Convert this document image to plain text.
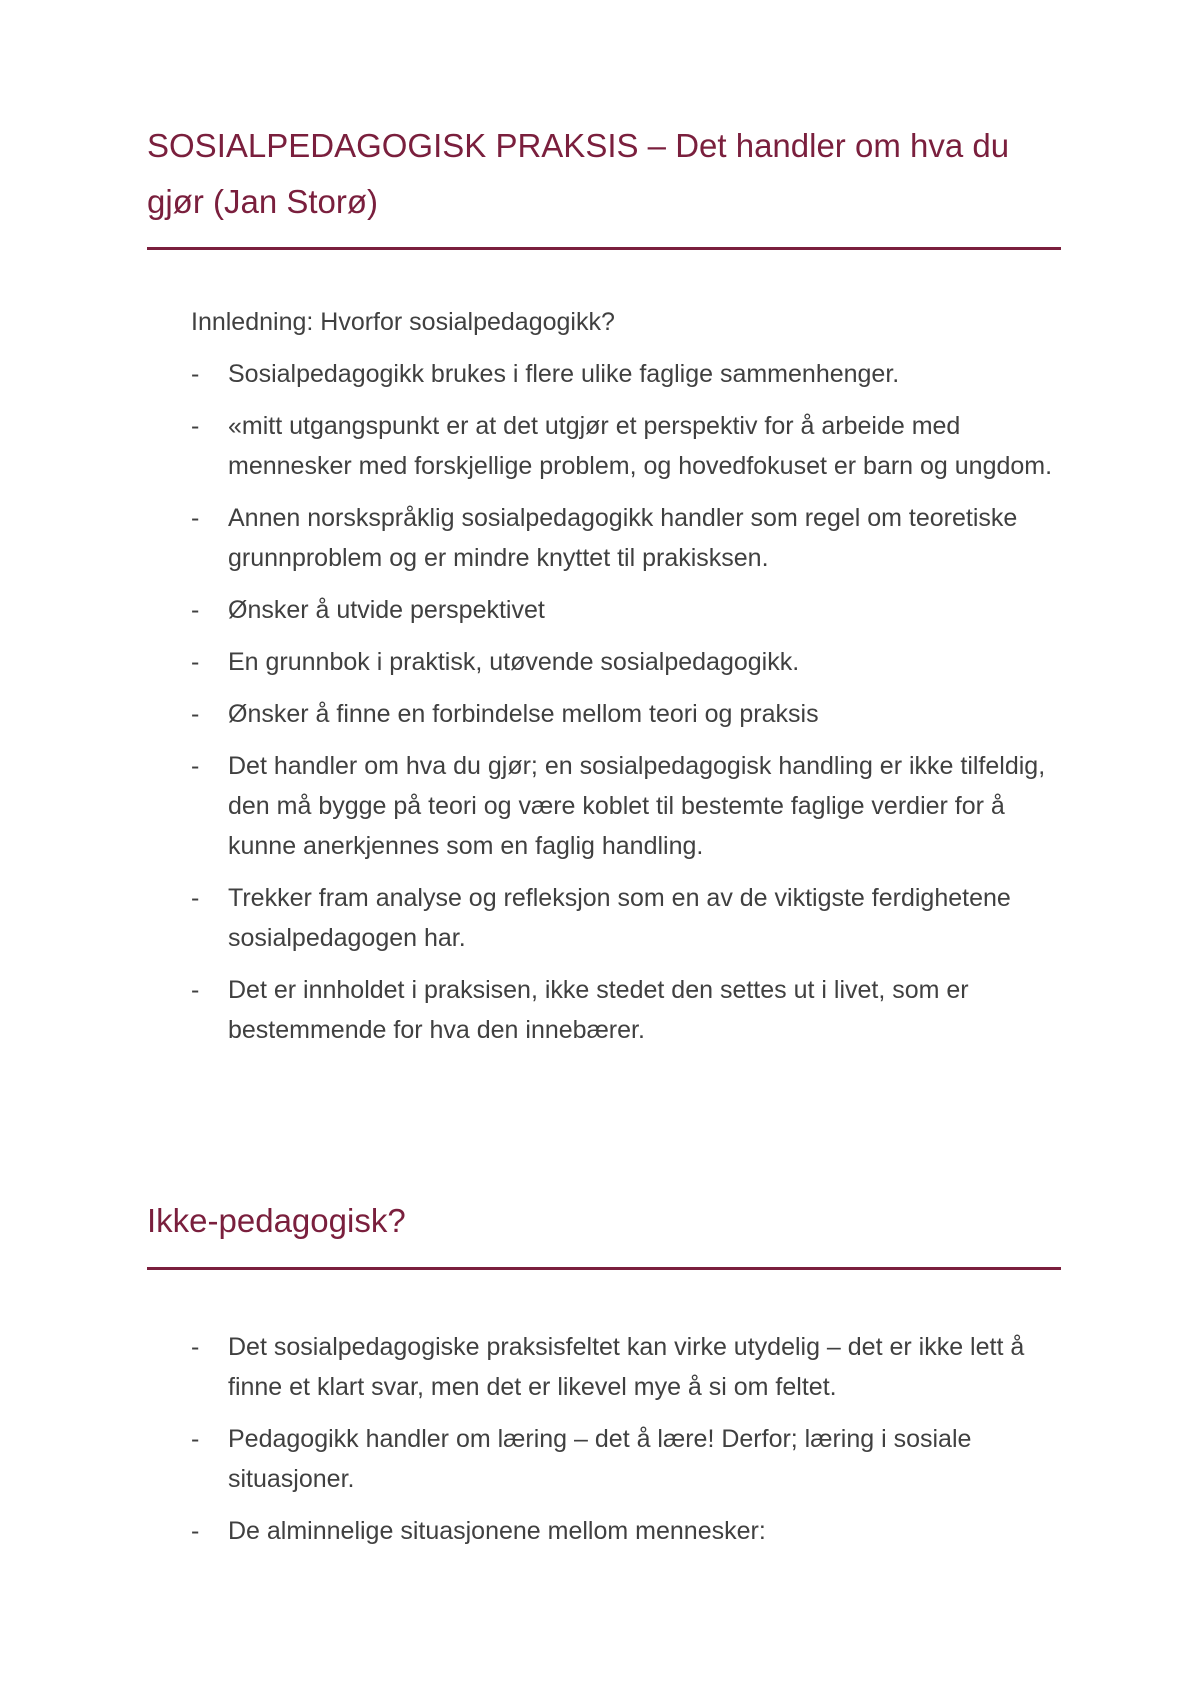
SOSIALPEDAGOGISK PRAKSIS – Det handler om hva du gjør (Jan Storø)

Innledning: Hvorfor sosialpedagogikk?

- Sosialpedagogikk brukes i flere ulike faglige sammenhenger.
- «mitt utgangspunkt er at det utgjør et perspektiv for å arbeide med mennesker med forskjellige problem, og hovedfokuset er barn og ungdom.
- Annen norskspråklig sosialpedagogikk handler som regel om teoretiske grunnproblem og er mindre knyttet til prakisksen.
- Ønsker å utvide perspektivet
- En grunnbok i praktisk, utøvende sosialpedagogikk.
- Ønsker å finne en forbindelse mellom teori og praksis
- Det handler om hva du gjør; en sosialpedagogisk handling er ikke tilfeldig, den må bygge på teori og være koblet til bestemte faglige verdier for å kunne anerkjennes som en faglig handling.
- Trekker fram analyse og refleksjon som en av de viktigste ferdighetene sosialpedagogen har.
- Det er innholdet i praksisen, ikke stedet den settes ut i livet, som er bestemmende for hva den innebærer.
Ikke-pedagogisk?
- Det sosialpedagogiske praksisfeltet kan virke utydelig – det er ikke lett å finne et klart svar, men det er likevel mye å si om feltet.
- Pedagogikk handler om læring – det å lære! Derfor; læring i sosiale situasjoner.
- De alminnelige situasjonene mellom mennesker:
